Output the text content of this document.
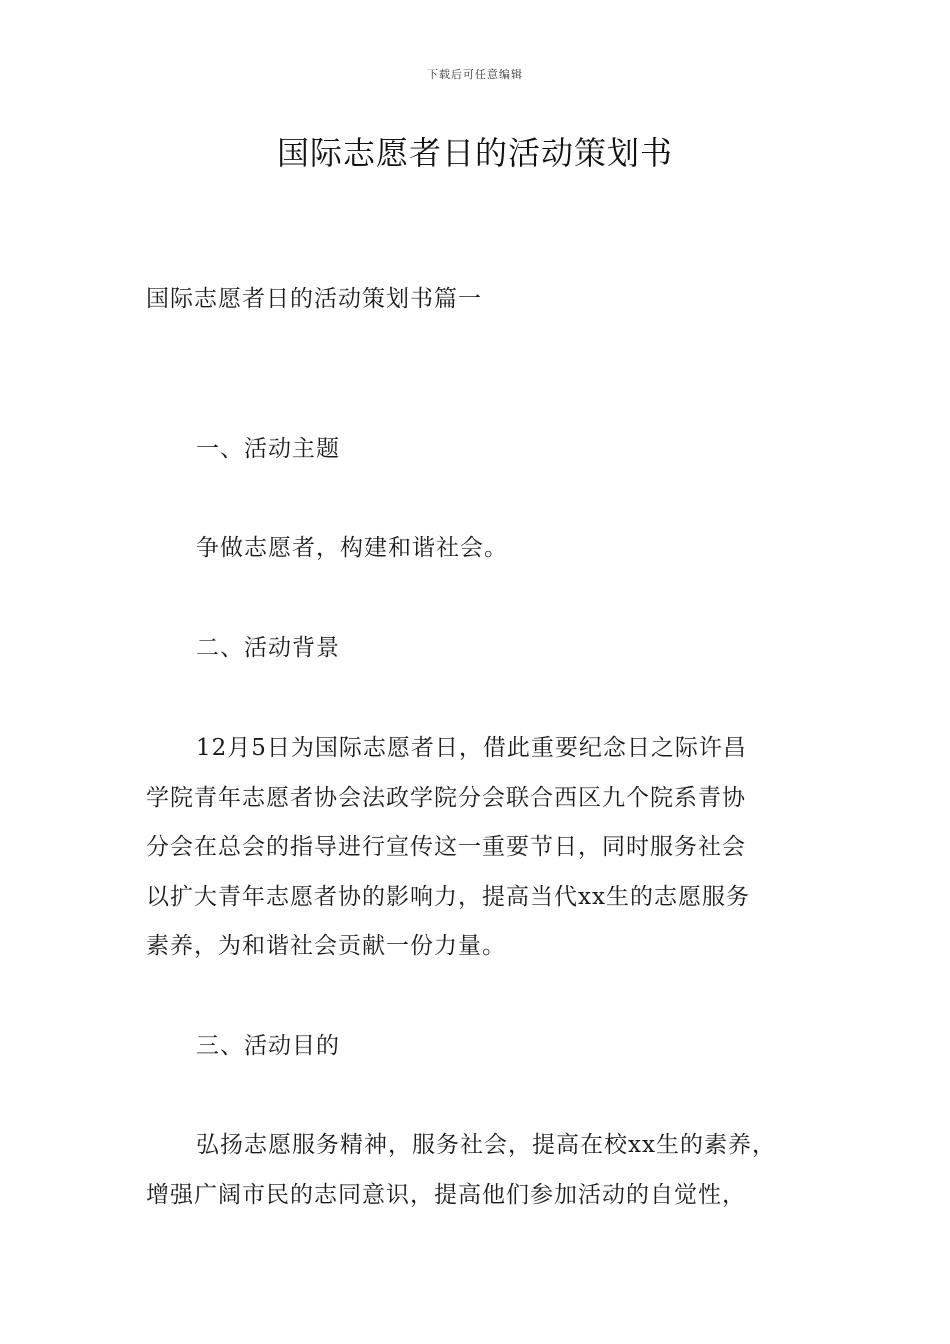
下载后可任意编辑
国际志愿者日的活动策划书
国际志愿者日的活动策划书篇一
一、活动主题
争做志愿者，构建和谐社会。
二、活动背景
12月5日为国际志愿者日，借此重要纪念日之际许昌
学院青年志愿者协会法政学院分会联合西区九个院系青协
分会在总会的指导进行宣传这一重要节日，同时服务社会
以扩大青年志愿者协的影响力，提高当代xx生的志愿服务
素养，为和谐社会贡献一份力量。
三、活动目的
弘扬志愿服务精神，服务社会，提高在校xx生的素养，
增强广阔市民的志同意识，提高他们参加活动的自觉性，
